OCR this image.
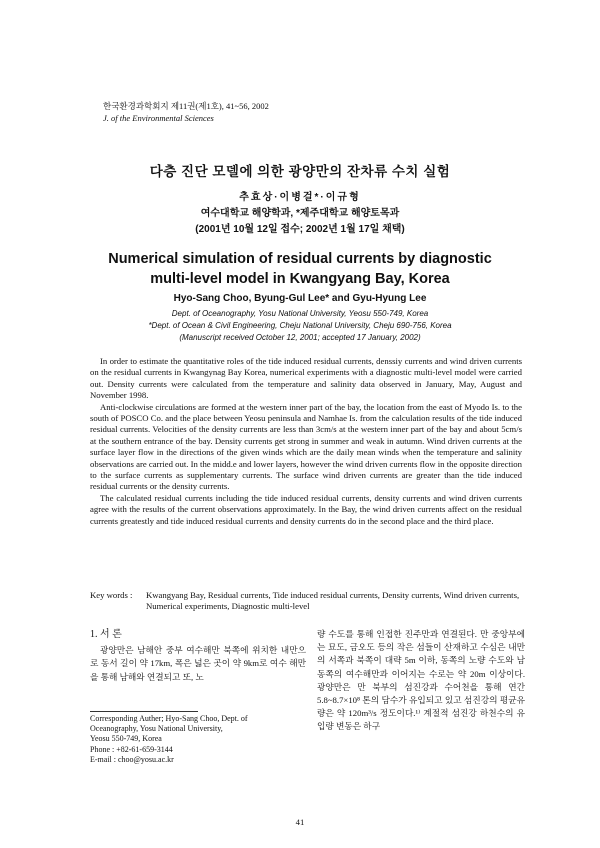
한국환경과학회지 제11권(제1호), 41~56, 2002
J. of the Environmental Sciences
다층 진단 모델에 의한 광양만의 잔차류 수치 실험
추효상·이병걸*·이규형
여수대학교 해양학과, *제주대학교 해양토목과
(2001년 10월 12일 접수; 2002년 1월 17일 채택)
Numerical simulation of residual currents by diagnostic
multi-level model in Kwangyang Bay, Korea
Hyo-Sang Choo, Byung-Gul Lee* and Gyu-Hyung Lee
Dept. of Oceanography, Yosu National University, Yeosu 550-749, Korea
*Dept. of Ocean & Civil Engineering, Cheju National University, Cheju 690-756, Korea
(Manuscript received October 12, 2001; accepted 17 January, 2002)

In order to estimate the quantitative roles of the tide induced residual currents, denssiy currents and wind driven currents on the residual currents in Kwangynag Bay Korea, numerical experiments with a diagnostic multi-level model were carried out. Density currents were calculated from the temperature and salinity data observed in January, May, August and November 1998.

Anti-clockwise circulations are formed at the western inner part of the bay, the location from the east of Myodo Is. to the south of POSCO Co. and the place between Yeosu peninsula and Namhae Is. from the calculation results of the tide induced residual currents. Velocities of the density currents are less than 3cm/s at the western inner part of the bay and about 5cm/s at the southern entrance of the bay. Density currents get strong in summer and weak in autumn. Wind driven currents at the surface layer flow in the directions of the given winds which are the daily mean winds when the temperature and salinity observations are carried out. In the midd.e and lower layers, however the wind driven currents flow in the opposite direction to the surface currents as supplementary currents. The surface wind driven currents are greater than the tide induced residual currents or the density currents.

The calculated residual currents including the tide induced residual currents, density currents and wind driven currents agree with the results of the current observations approximately. In the Bay, the wind driven currents affect on the residual currents greatestly and tide induced residual currents and density currents do in the second place and the third place.

Key words : Kwangyang Bay, Residual currents, Tide induced residual currents, Density currents, Wind driven currents, Numerical experiments, Diagnostic multi-level
1. 서 론

광양만은 남해안 중부 여수해만 북쪽에 위치한 내만으로 동서 길이 약 17km, 폭은 넓은 곳이 약 9km로 여수 해만을 통해 남해와 연결되고 또, 노

량 수도를 통해 인접한 진주만과 연결된다. 만 중앙부에는 묘도, 금오도 등의 작은 섬들이 산재하고 수심은 내만의 서쪽과 북쪽이 대략 5m 이하, 동쪽의 노량 수도와 남동쪽의 여수해만과 이어지는 수로는 약 20m 이상이다. 광양만은 만 북부의 섬진강과 수어천을 통해 연간 5.8~8.7×10⁸ 톤의 담수가 유입되고 있고 섬진강의 평균유량은 약 120m³/s 정도이다.¹⁾ 계절적 섬진강 하천수의 유입량 변동은 하구

Corresponding Auther; Hyo-Sang Choo, Dept. of
Oceanography, Yosu National University,
Yeosu 550-749, Korea
Phone : +82-61-659-3144
E-mail : choo@yosu.ac.kr
41
